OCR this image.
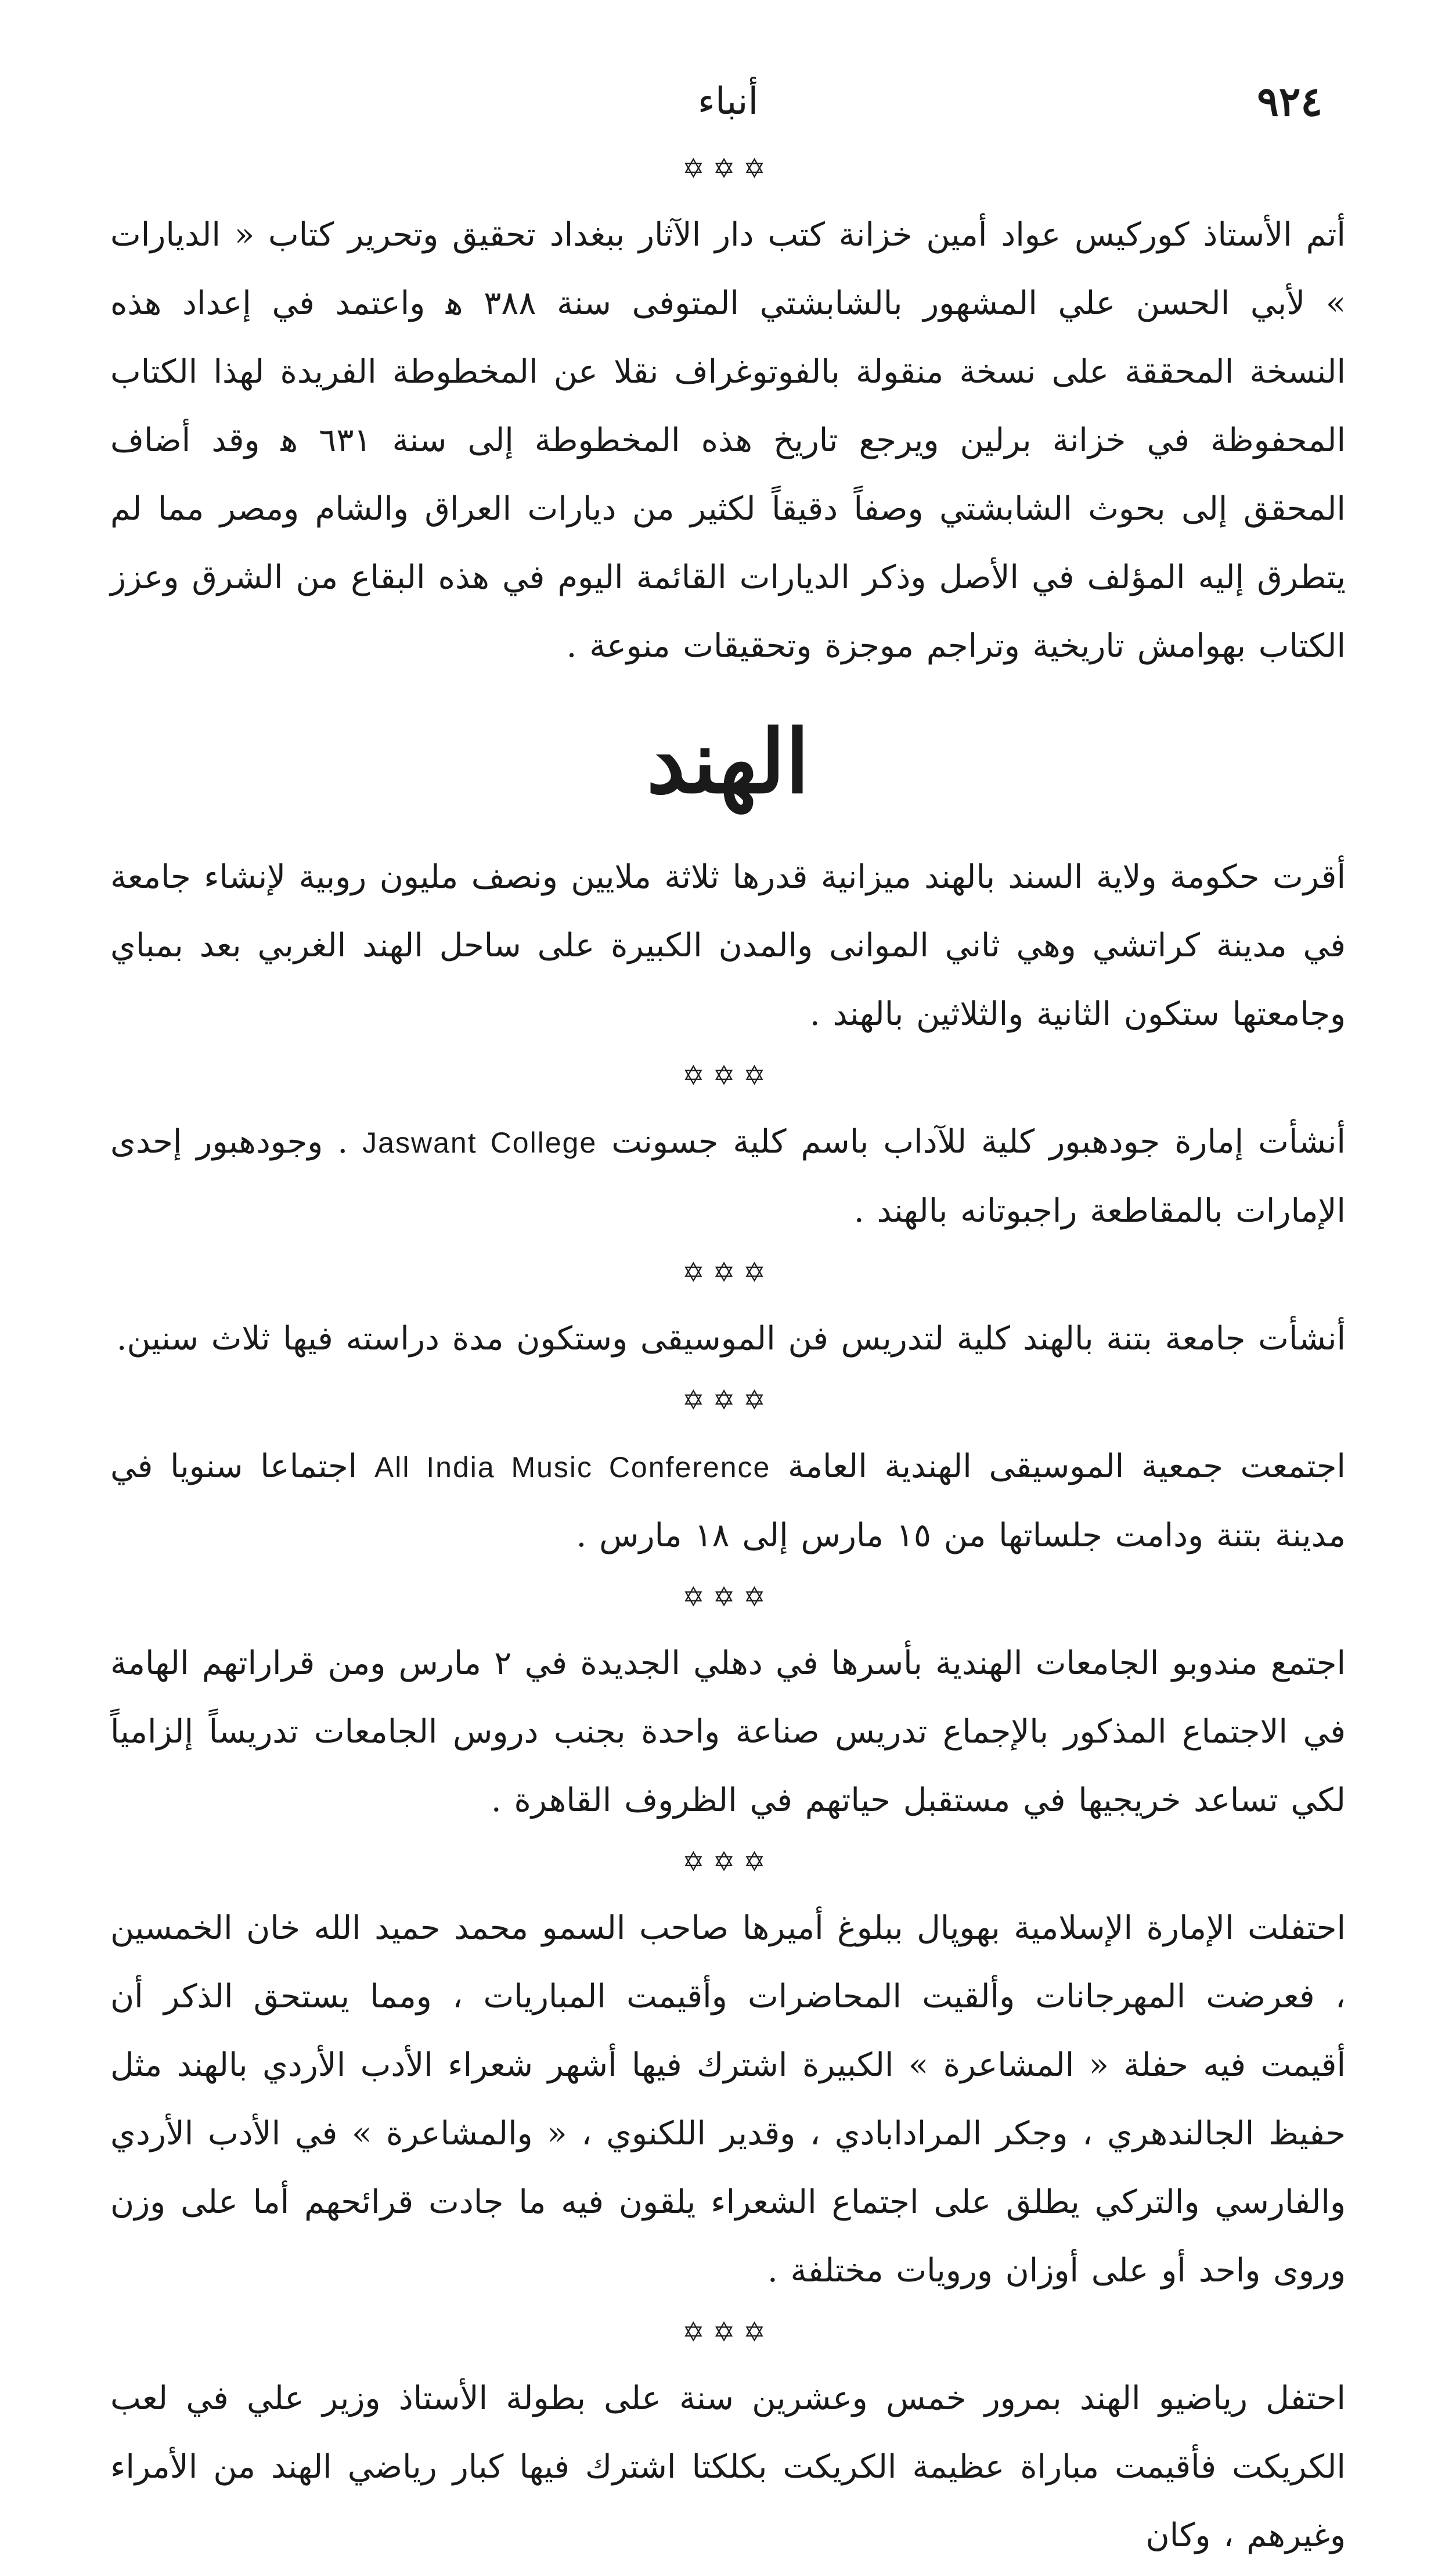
٩٢٤
أنباء
✡✡✡

أتم الأستاذ كوركيس عواد أمين خزانة كتب دار الآثار ببغداد تحقيق وتحرير كتاب « الديارات » لأبي الحسن علي المشهور بالشابشتي المتوفى سنة ٣٨٨ ﻫ واعتمد في إعداد هذه النسخة المحققة على نسخة منقولة بالفوتوغراف نقلا عن المخطوطة الفريدة لهذا الكتاب المحفوظة في خزانة برلين ويرجع تاريخ هذه المخطوطة إلى سنة ٦٣١ ﻫ وقد أضاف المحقق إلى بحوث الشابشتي وصفاً دقيقاً لكثير من ديارات العراق والشام ومصر مما لم يتطرق إليه المؤلف في الأصل وذكر الديارات القائمة اليوم في هذه البقاع من الشرق وعزز الكتاب بهوامش تاريخية وتراجم موجزة وتحقيقات منوعة .

الهند

أقرت حكومة ولاية السند بالهند ميزانية قدرها ثلاثة ملايين ونصف مليون روبية لإنشاء جامعة في مدينة كراتشي وهي ثاني الموانى والمدن الكبيرة على ساحل الهند الغربي بعد بمباي وجامعتها ستكون الثانية والثلاثين بالهند .

✡✡✡

أنشأت إمارة جودهبور كلية للآداب باسم كلية جسونت Jaswant College . وجودهبور إحدى الإمارات بالمقاطعة راجبوتانه بالهند .

✡✡✡

أنشأت جامعة بتنة بالهند كلية لتدريس فن الموسيقى وستكون مدة دراسته فيها ثلاث سنين.

✡✡✡

اجتمعت جمعية الموسيقى الهندية العامة All India Music Conference اجتماعا سنويا في مدينة بتنة ودامت جلساتها من ١٥ مارس إلى ١٨ مارس .

✡✡✡

اجتمع مندوبو الجامعات الهندية بأسرها في دهلي الجديدة في ٢ مارس ومن قراراتهم الهامة في الاجتماع المذكور بالإجماع تدريس صناعة واحدة بجنب دروس الجامعات تدريساً إلزامياً لكي تساعد خريجيها في مستقبل حياتهم في الظروف القاهرة .

✡✡✡

احتفلت الإمارة الإسلامية بهوپال ببلوغ أميرها صاحب السمو محمد حميد الله خان الخمسين ، فعرضت المهرجانات وألقيت المحاضرات وأقيمت المباريات ، ومما يستحق الذكر أن أقيمت فيه حفلة « المشاعرة » الكبيرة اشترك فيها أشهر شعراء الأدب الأردي بالهند مثل حفيظ الجالندهري ، وجكر المرادابادي ، وقدير اللكنوي ، « والمشاعرة » في الأدب الأردي والفارسي والتركي يطلق على اجتماع الشعراء يلقون فيه ما جادت قرائحهم أما على وزن وروى واحد أو على أوزان ورويات مختلفة .

✡✡✡

احتفل رياضيو الهند بمرور خمس وعشرين سنة على بطولة الأستاذ وزير علي في لعب الكريكت فأقيمت مباراة عظيمة الكريكت بكلكتا اشترك فيها كبار رياضي الهند من الأمراء وغيرهم ، وكان
